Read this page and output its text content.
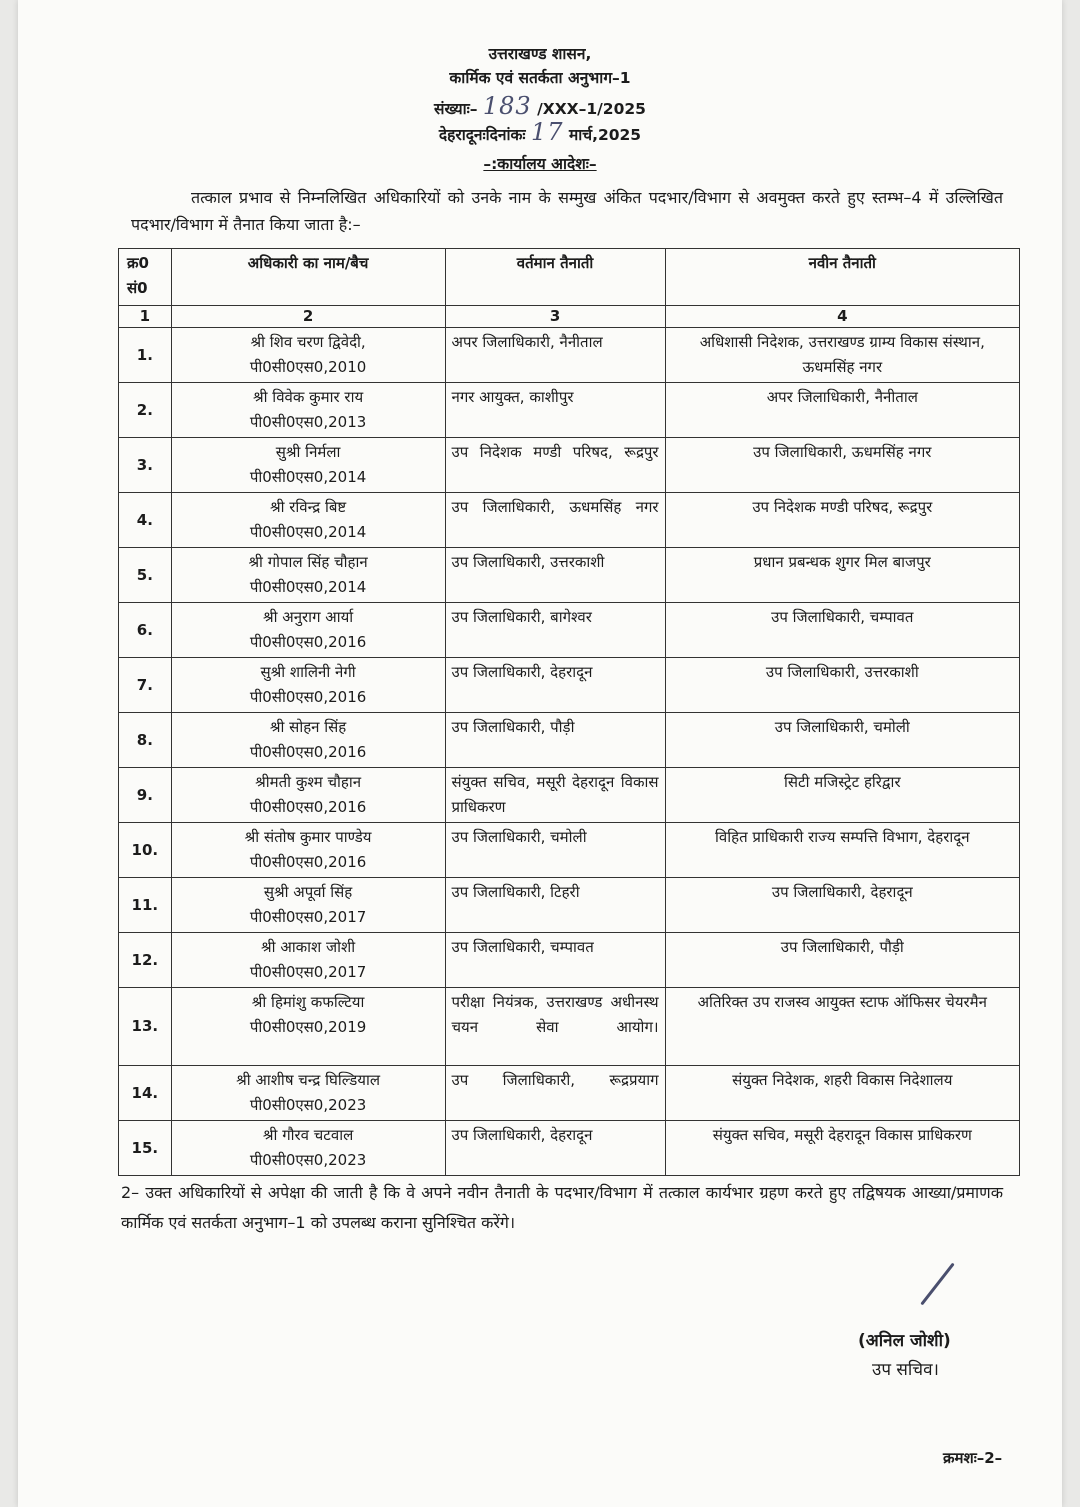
उत्तराखण्ड शासन,
कार्मिक एवं सतर्कता अनुभाग–1
संख्याः– 183 /XXX–1/2025
देहरादूनःदिनांकः 17 मार्च,2025
–:कार्यालय आदेशः–
तत्काल प्रभाव से निम्नलिखित अधिकारियों को उनके नाम के सम्मुख अंकित पदभार/विभाग से अवमुक्त करते हुए स्तम्भ–4 में उल्लिखित पदभार/विभाग में तैनात किया जाता है:–
क्र0 सं0	अधिकारी का नाम/बैच	वर्तमान तैनाती	नवीन तैनाती
1	2	3	4
1.	श्री शिव चरण द्विवेदी,
पी0सी0एस0,2010	अपर जिलाधिकारी, नैनीताल	अधिशासी निदेशक, उत्तराखण्ड ग्राम्य विकास संस्थान, ऊधमसिंह नगर
2.	श्री विवेक कुमार राय
पी0सी0एस0,2013	नगर आयुक्त, काशीपुर	अपर जिलाधिकारी, नैनीताल
3.	सुश्री निर्मला
पी0सी0एस0,2014	उप निदेशक मण्डी परिषद, रूद्रपुर	उप जिलाधिकारी, ऊधमसिंह नगर
4.	श्री रविन्द्र बिष्ट
पी0सी0एस0,2014	उप जिलाधिकारी, ऊधमसिंह नगर	उप निदेशक मण्डी परिषद, रूद्रपुर
5.	श्री गोपाल सिंह चौहान
पी0सी0एस0,2014	उप जिलाधिकारी, उत्तरकाशी	प्रधान प्रबन्धक शुगर मिल बाजपुर
6.	श्री अनुराग आर्या
पी0सी0एस0,2016	उप जिलाधिकारी, बागेश्वर	उप जिलाधिकारी, चम्पावत
7.	सुश्री शालिनी नेगी
पी0सी0एस0,2016	उप जिलाधिकारी, देहरादून	उप जिलाधिकारी, उत्तरकाशी
8.	श्री सोहन सिंह
पी0सी0एस0,2016	उप जिलाधिकारी, पौड़ी	उप जिलाधिकारी, चमोली
9.	श्रीमती कुश्म चौहान
पी0सी0एस0,2016	संयुक्त सचिव, मसूरी देहरादून विकास प्राधिकरण	सिटी मजिस्ट्रेट हरिद्वार
10.	श्री संतोष कुमार पाण्डेय
पी0सी0एस0,2016	उप जिलाधिकारी, चमोली	विहित प्राधिकारी राज्य सम्पत्ति विभाग, देहरादून
11.	सुश्री अपूर्वा सिंह
पी0सी0एस0,2017	उप जिलाधिकारी, टिहरी	उप जिलाधिकारी, देहरादून
12.	श्री आकाश जोशी
पी0सी0एस0,2017	उप जिलाधिकारी, चम्पावत	उप जिलाधिकारी, पौड़ी
13.	श्री हिमांशु कफल्टिया
पी0सी0एस0,2019	परीक्षा नियंत्रक, उत्तराखण्ड अधीनस्थ चयन सेवा आयोग।	अतिरिक्त उप राजस्व आयुक्त स्टाफ ऑफिसर चेयरमैन
14.	श्री आशीष चन्द्र घिल्डियाल
पी0सी0एस0,2023	उप जिलाधिकारी, रूद्रप्रयाग	संयुक्त निदेशक, शहरी विकास निदेशालय
15.	श्री गौरव चटवाल
पी0सी0एस0,2023	उप जिलाधिकारी, देहरादून	संयुक्त सचिव, मसूरी देहरादून विकास प्राधिकरण
2– उक्त अधिकारियों से अपेक्षा की जाती है कि वे अपने नवीन तैनाती के पदभार/विभाग में तत्काल कार्यभार ग्रहण करते हुए तद्विषयक आख्या/प्रमाणक कार्मिक एवं सतर्कता अनुभाग–1 को उपलब्ध कराना सुनिश्चित करेंगे।
(अनिल जोशी)
उप सचिव।
क्रमशः–2–
